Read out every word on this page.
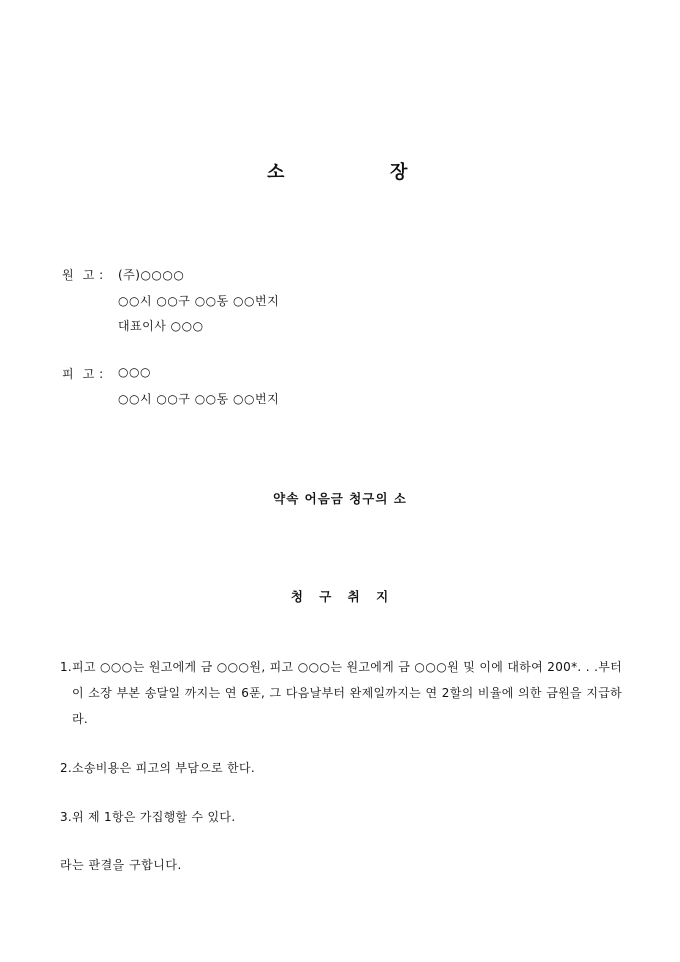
소	장
원  고 :	(주)○○○○
○○시 ○○구 ○○동 ○○번지
대표이사 ○○○
피  고 :	○○○
○○시 ○○구 ○○동 ○○번지
약속 어음금 청구의 소
청 구 취 지
1. 피고 ○○○는 원고에게 금 ○○○원, 피고 ○○○는 원고에게 금 ○○○원 및 이에 대하여 200*. . .부터 이 소장 부본 송달일 까지는 연 6푼, 그 다음날부터 완제일까지는 연 2할의 비율에 의한 금원을 지급하라.
2. 소송비용은 피고의 부담으로 한다.
3. 위 제 1항은 가집행할 수 있다.
라는 판결을 구합니다.
